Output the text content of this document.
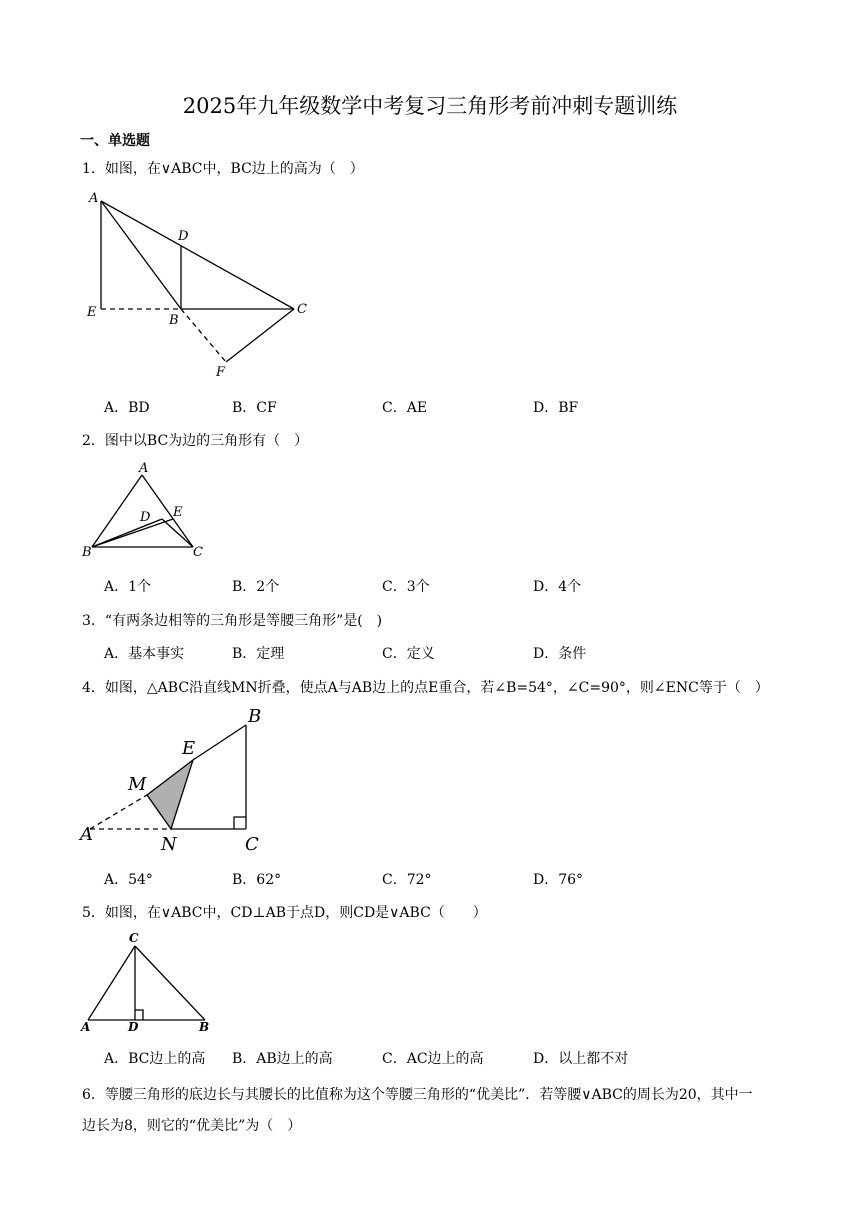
2025年九年级数学中考复习三角形考前冲刺专题训练
一、单选题
1．如图，在∨ABC中，BC边上的高为（　）
A
D
E
B
C
F
A．BD	B．CF	C．AE	D．BF
2．图中以BC为边的三角形有（　）
A
D E
B	C
A．1个	B．2个	C．3个	D．4个
3．“有两条边相等的三角形是等腰三角形”是(　)
A．基本事实	B．定理	C．定义	D．条件
4．如图，△ABC沿直线MN折叠，使点A与AB边上的点E重合，若∠B=54°，∠C=90°，则∠ENC等于（　）
B
E
M
A	N	C
A．54°	B．62°	C．72°	D．76°
5．如图，在∨ABC中，CD⊥AB于点D，则CD是∨ABC（　　）
C
A	D	B
A．BC边上的高 B．AB边上的高	C．AC边上的高	D．以上都不对
6．等腰三角形的底边长与其腰长的比值称为这个等腰三角形的“优美比”．若等腰∨ABC的周长为20，其中一
边长为8，则它的“优美比”为（　）
